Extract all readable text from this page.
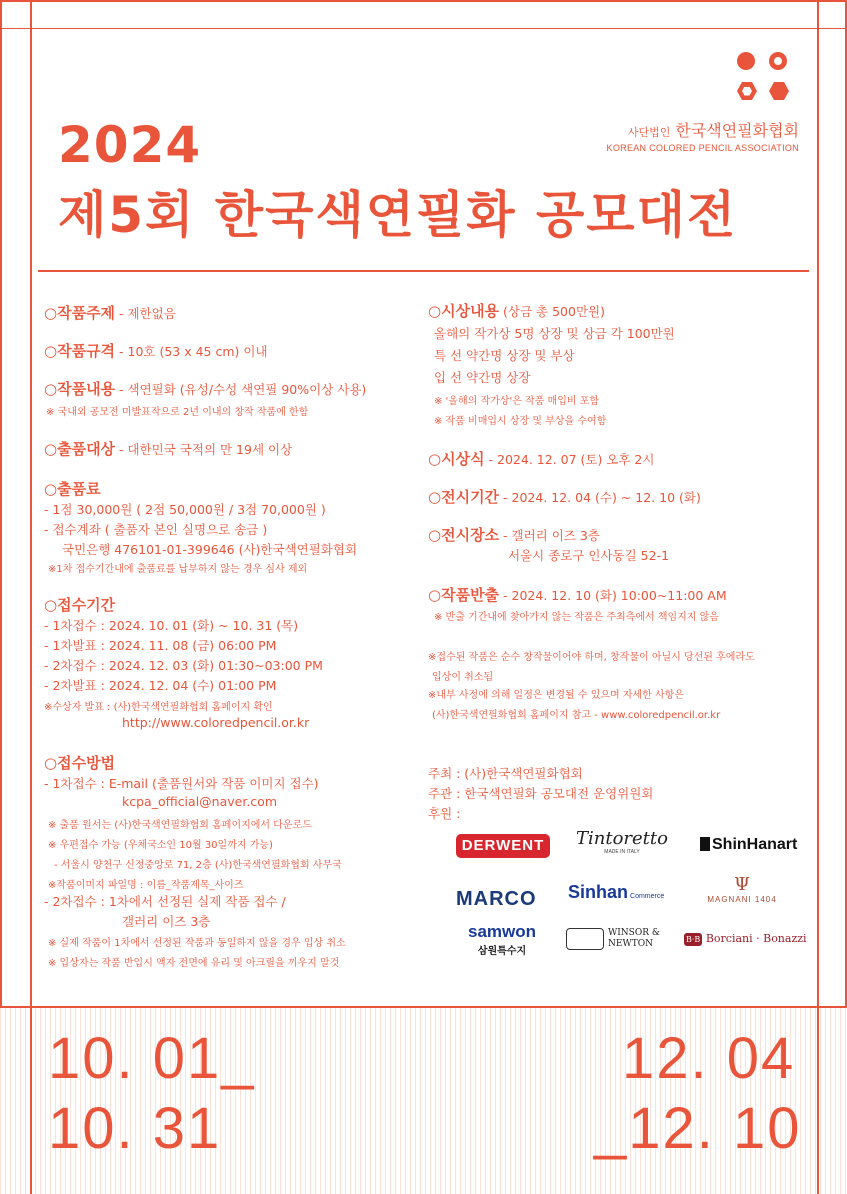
사단법인 한국색연필화협회
KOREAN COLORED PENCIL ASSOCIATION
2024
제5회 한국색연필화 공모대전
○작품주제 - 제한없음
○작품규격 - 10호 (53 x 45 cm) 이내
○작품내용 - 색연필화 (유성/수성 색연필 90%이상 사용)
※ 국내외 공모전 미발표작으로 2년 이내의 창작 작품에 한함
○출품대상 - 대한민국 국적의 만 19세 이상
○출품료
- 1점 30,000원 ( 2점 50,000원 / 3점 70,000원 )
- 접수계좌 ( 출품자 본인 실명으로 송금 )
국민은행 476101-01-399646 (사)한국색연필화협회
※1차 접수기간내에 출품료를 납부하지 않는 경우 심사 제외
○접수기간
- 1차접수 : 2024. 10. 01 (화) ~ 10. 31 (목)
- 1차발표 : 2024. 11. 08 (금) 06:00 PM
- 2차접수 : 2024. 12. 03 (화) 01:30~03:00 PM
- 2차발표 : 2024. 12. 04 (수) 01:00 PM
※수상자 발표 : (사)한국색연필화협회 홈페이지 확인
http://www.coloredpencil.or.kr
○접수방법
- 1차접수 : E-mail (출품원서와 작품 이미지 접수)
kcpa_official@naver.com
※ 출품 원서는 (사)한국색연필화협회 홈페이지에서 다운로드
※ 우편접수 가능 (우체국소인 10월 30일까지 가능)
- 서울시 양천구 신정중앙로 71, 2층 (사)한국색연필화협회 사무국
※작품이미지 파일명 : 이름_작품제목_사이즈
- 2차접수 : 1차에서 선정된 실제 작품 접수 /
갤러리 이즈 3층
※ 실제 작품이 1차에서 선정된 작품과 동일하지 않을 경우 입상 취소
※ 입상자는 작품 반입시 액자 전면에 유리 및 아크릴을 끼우지 말것
○시상내용 (상금 총 500만원)
올해의 작가상 5명 상장 및 상금 각 100만원
특 선 약간명 상장 및 부상
입 선 약간명 상장
※ '올해의 작가상'은 작품 매입비 포함
※ 작품 비매입시 상장 및 부상을 수여함
○시상식 - 2024. 12. 07 (토) 오후 2시
○전시기간 - 2024. 12. 04 (수) ~ 12. 10 (화)
○전시장소 - 갤러리 이즈 3층
서울시 종로구 인사동길 52-1
○작품반출 - 2024. 12. 10 (화) 10:00~11:00 AM
※ 반출 기간내에 찾아가지 않는 작품은 주최측에서 책임지지 않음
※접수된 작품은 순수 창작물이어야 하며, 창작물이 아닐시 당선된 후에라도
입상이 취소됨
※내부 사정에 의해 일정은 변경될 수 있으며 자세한 사항은
(사)한국색연필화협회 홈페이지 참고 - www.coloredpencil.or.kr
주최 : (사)한국색연필화협회
주관 : 한국색연필화 공모대전 운영위원회
후원 :
DERWENT	Tintoretto
MADE IN ITALY	ShinHanart
MARCO Sinhan Commerce
Ψ
MAGNANI 1404
samwon
삼원특수지
WINSOR & NEWTON	B·B Borciani · Bonazzi
10. 01_
10. 31
12. 04
_12. 10
